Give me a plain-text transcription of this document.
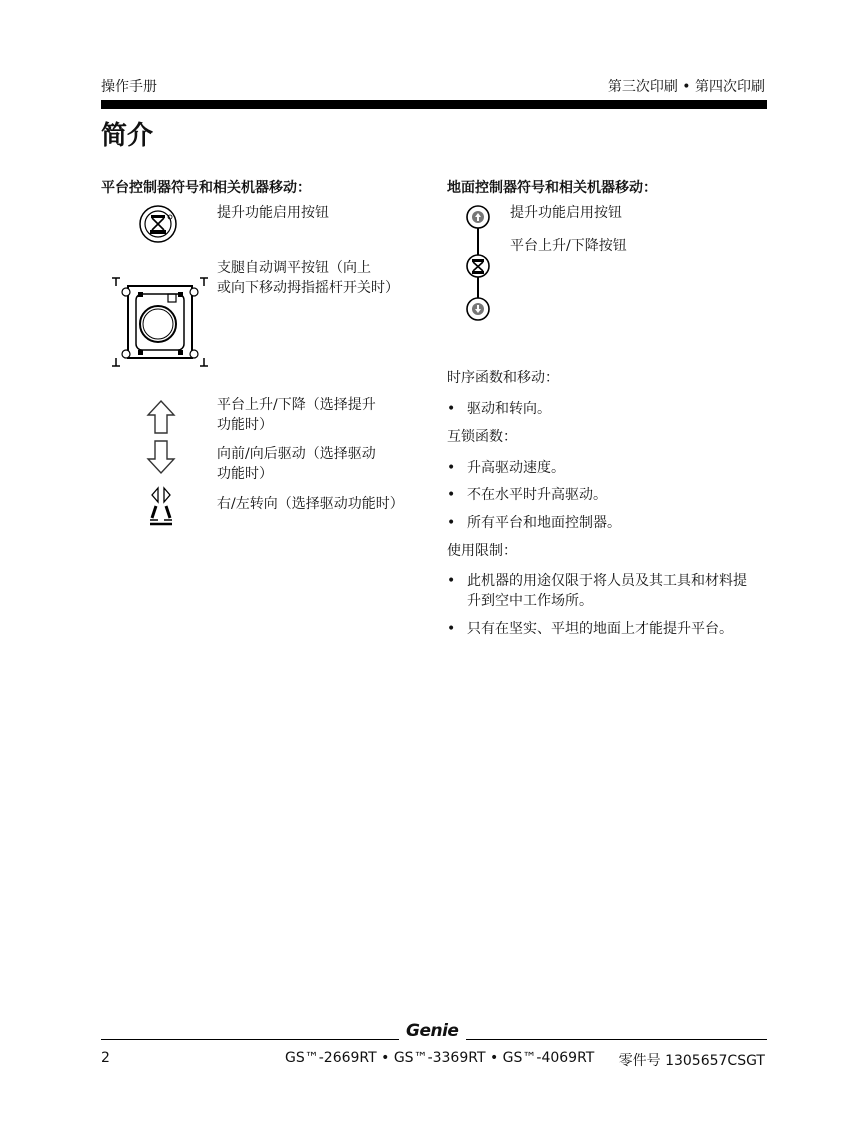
操作手册	第三次印刷 • 第四次印刷
简介
平台控制器符号和相关机器移动：
提升功能启用按钮
支腿自动调平按钮（向上
或向下移动拇指摇杆开关时）
平台上升/下降（选择提升
功能时）
向前/向后驱动（选择驱动
功能时）
右/左转向（选择驱动功能时）
地面控制器符号和相关机器移动：
提升功能启用按钮
平台上升/下降按钮
时序函数和移动：
• 驱动和转向。
互锁函数：
• 升高驱动速度。
• 不在水平时升高驱动。
• 所有平台和地面控制器。
使用限制：
• 此机器的用途仅限于将人员及其工具和材料提
升到空中工作场所。
• 只有在坚实、平坦的地面上才能提升平台。
Genie
2	GS™-2669RT • GS™-3369RT • GS™-4069RT 零件号 1305657CSGT
